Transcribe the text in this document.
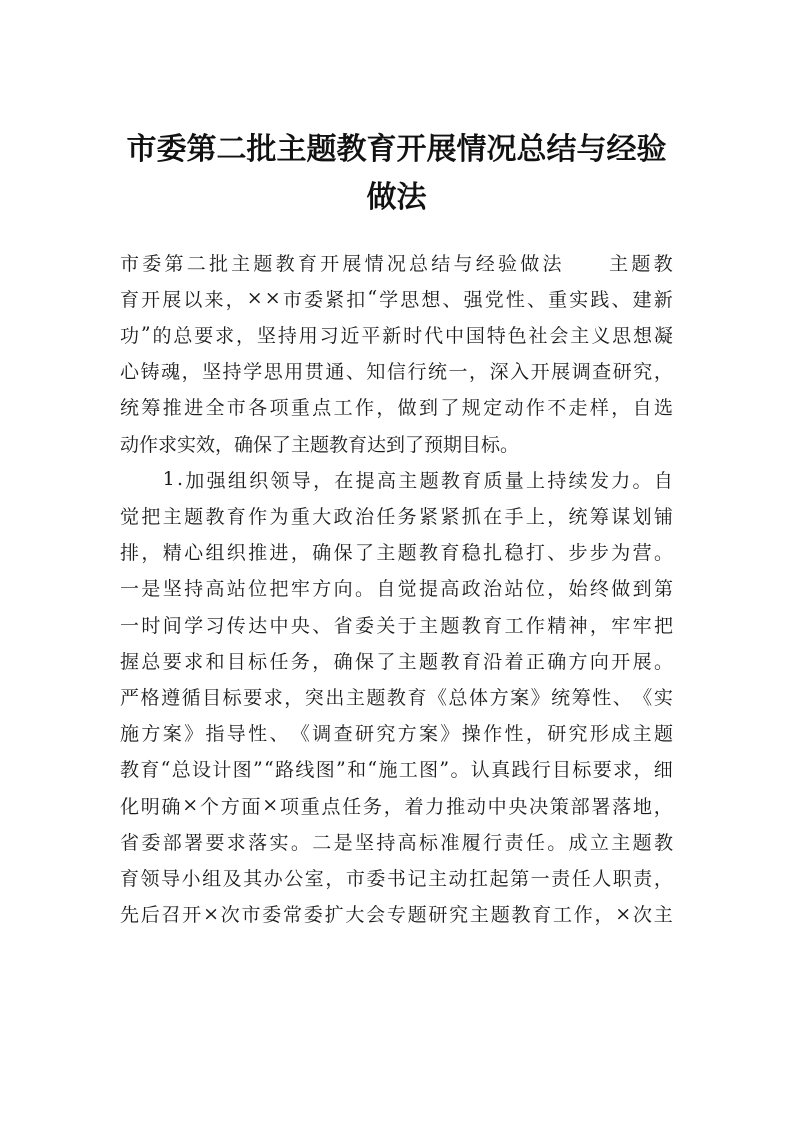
市委第二批主题教育开展情况总结与经验
做法
市 委 第 二 批 主 题 教 育 开 展 情 况 总 结 与 经 验 做 法

　	主 题 教
育 开 展 以 来 ， × × 市 委 紧 扣 “ 学 思 想 、 强 党 性 、 重 实 践 、 建 新
功 ” 的 总 要 求 ， 坚 持 用 习 近 平 新 时 代 中 国 特 色 社 会 主 义 思 想 凝
心 铸 魂 ， 坚 持 学 思 用 贯 通 、 知 信 行 统 一 ， 深 入 开 展 调 查 研 究 ，
统 筹 推 进 全 市 各 项 重 点 工 作 ， 做 到 了 规 定 动 作 不 走 样 ， 自 选
动作求实效，确保了主题教育达到了预期目标。

1 . 加 强 组 织 领 导 ， 在 提 高 主 题 教 育 质 量 上 持 续 发 力 。 自
觉 把 主 题 教 育 作 为 重 大 政 治 任 务 紧 紧 抓 在 手 上 ， 统 筹 谋 划 铺
排 ， 精 心 组 织 推 进 ， 确 保 了 主 题 教 育 稳 扎 稳 打 、 步 步 为 营 。
一 是 坚 持 高 站 位 把 牢 方 向 。 自 觉 提 高 政 治 站 位 ， 始 终 做 到 第
一 时 间 学 习 传 达 中 央 、 省 委 关 于 主 题 教 育 工 作 精 神 ， 牢 牢 把
握 总 要 求 和 目 标 任 务 ， 确 保 了 主 题 教 育 沿 着 正 确 方 向 开 展 。
严 格 遵 循 目 标 要 求 ， 突 出 主 题 教 育 《 总 体 方 案 》 统 筹 性 、 《 实
施 方 案 》 指 导 性 、 《 调 查 研 究 方 案 》 操 作 性 ， 研 究 形 成 主 题
教 育 “ 总 设 计 图 ” “ 路 线 图 ” 和 “ 施 工 图 ” 。 认 真 践 行 目 标 要 求 ， 细
化 明 确 × 个 方 面 × 项 重 点 任 务 ， 着 力 推 动 中 央 决 策 部 署 落 地 ，
省 委 部 署 要 求 落 实 。 二 是 坚 持 高 标 准 履 行 责 任 。 成 立 主 题 教
育 领 导 小 组 及 其 办 公 室 ， 市 委 书 记 主 动 扛 起 第 一 责 任 人 职 责 ，
先 后 召 开 × 次 市 委 常 委 扩 大 会 专 题 研 究 主 题 教 育 工 作 ， × 次 主
